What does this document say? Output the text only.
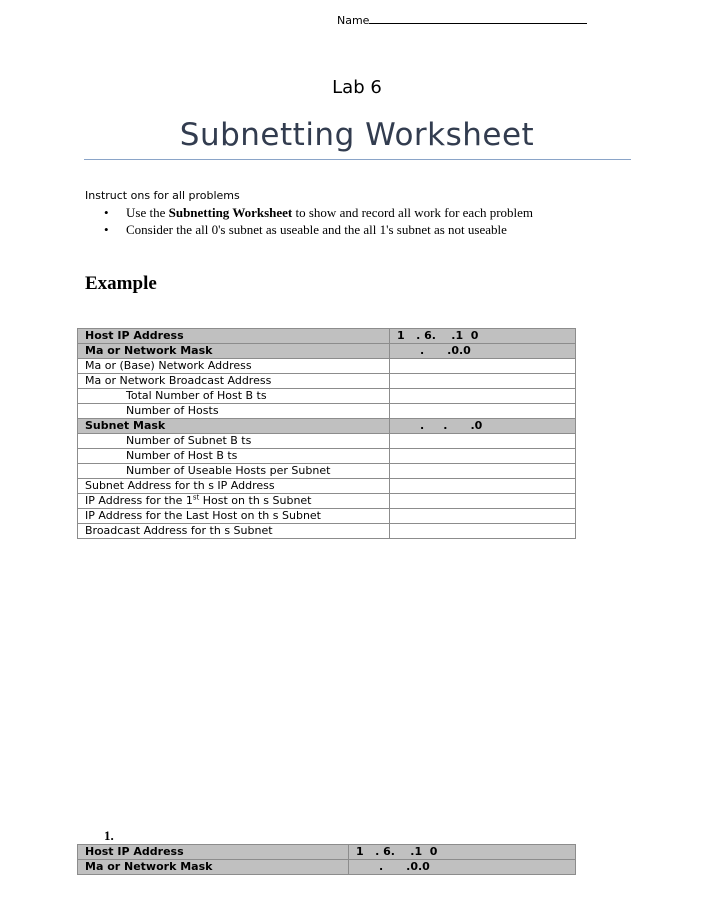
Name
Lab 6
Subnetting Worksheet
Instruct ons for all problems
• Use the Subnetting Worksheet to show and record all work for each problem
• Consider the all 0's subnet as useable and the all 1's subnet as not useable
Example
Host IP Address	1   . 6.    .1  0
Ma or Network Mask	.      .0.0
Ma or (Base) Network Address	
Ma or Network Broadcast Address	
Total Number of Host B ts	
Number of Hosts	
Subnet Mask	.     .      .0
Number of Subnet B ts	
Number of Host B ts	
Number of Useable Hosts per Subnet	
Subnet Address for th s IP Address	
IP Address for the 1st Host on th s Subnet	
IP Address for the Last Host on th s Subnet	
Broadcast Address for th s Subnet	
1.
Host IP Address	1   . 6.    .1  0
Ma or Network Mask	.      .0.0
